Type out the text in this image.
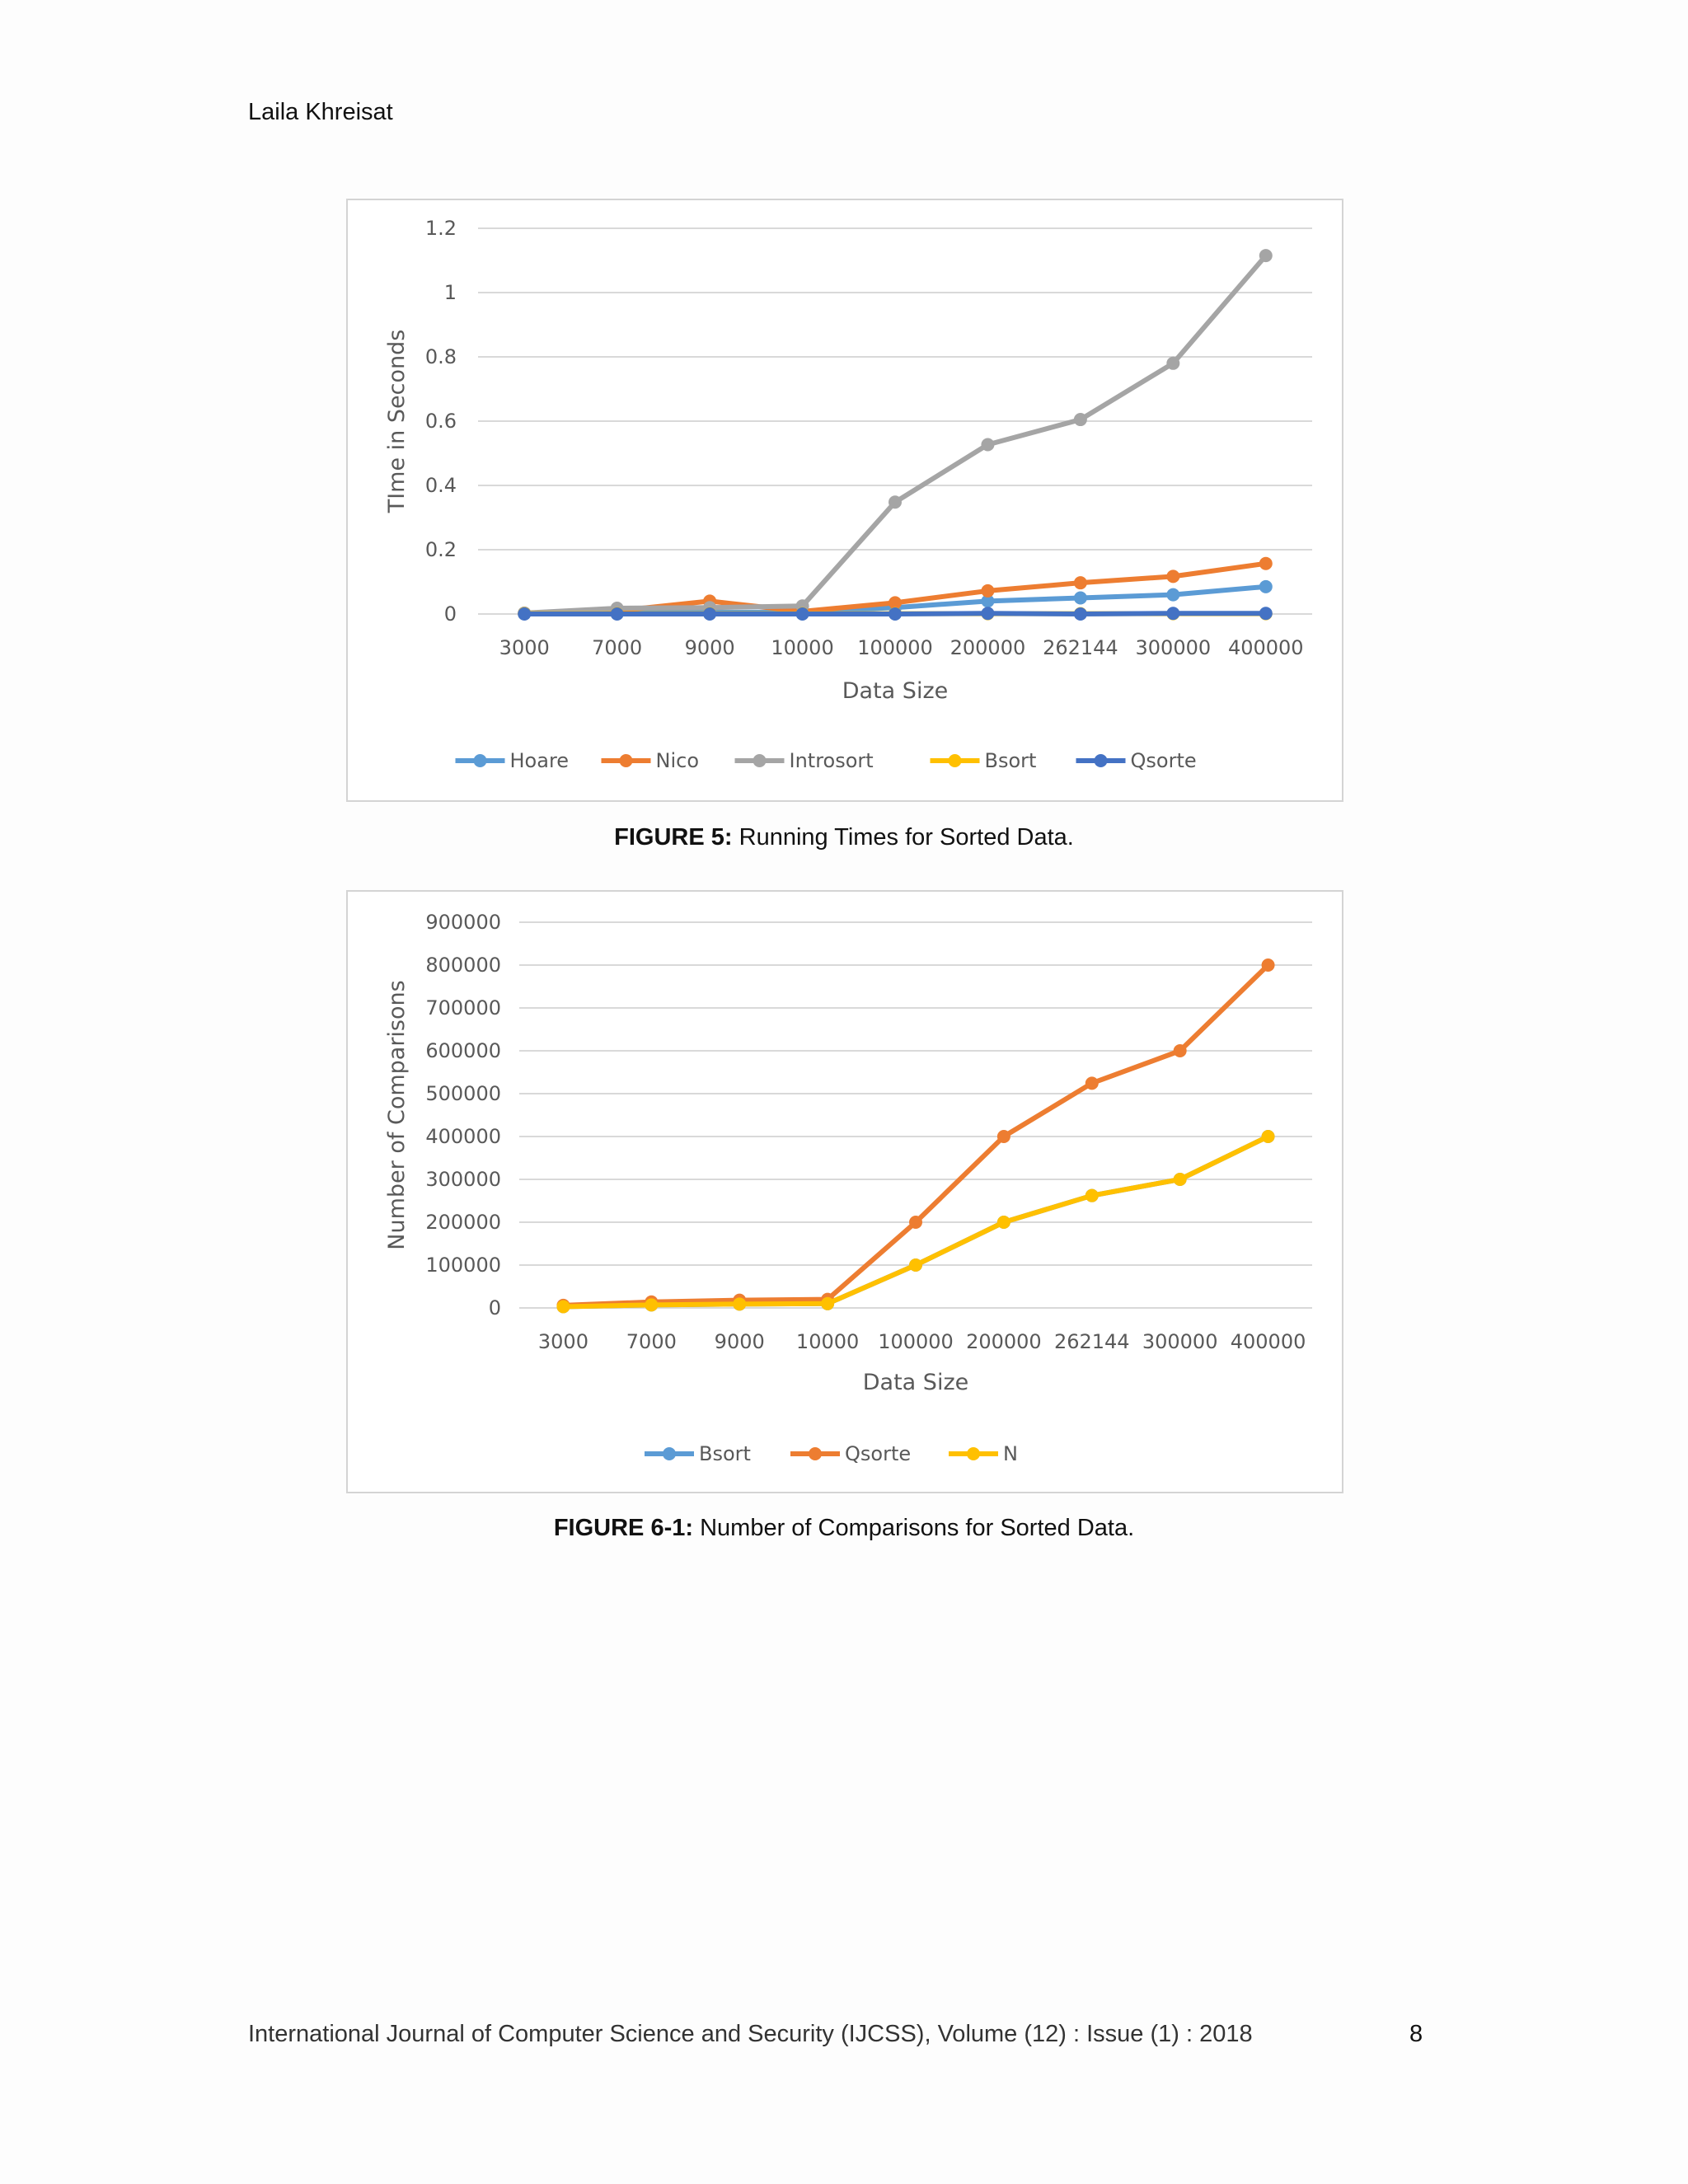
Laila Khreisat
0
0.2
0.4
0.6
0.8
1
1.2
3000 7000 9000 10000 100000 200000 262144 300000 400000
Data Size
TIme in Seconds
Hoare	Nico	Introsort	Bsort	Qsorte
FIGURE 5: Running Times for Sorted Data.
0
100000
200000
300000
400000
500000
600000
700000
800000
900000
3000 7000 9000 10000 100000 200000 262144 300000 400000
Data Size
Number of Comparisons
Bsort	Qsorte	N
FIGURE 6-1: Number of Comparisons for Sorted Data.
International Journal of Computer Science and Security (IJCSS), Volume (12) : Issue (1) : 2018	8
